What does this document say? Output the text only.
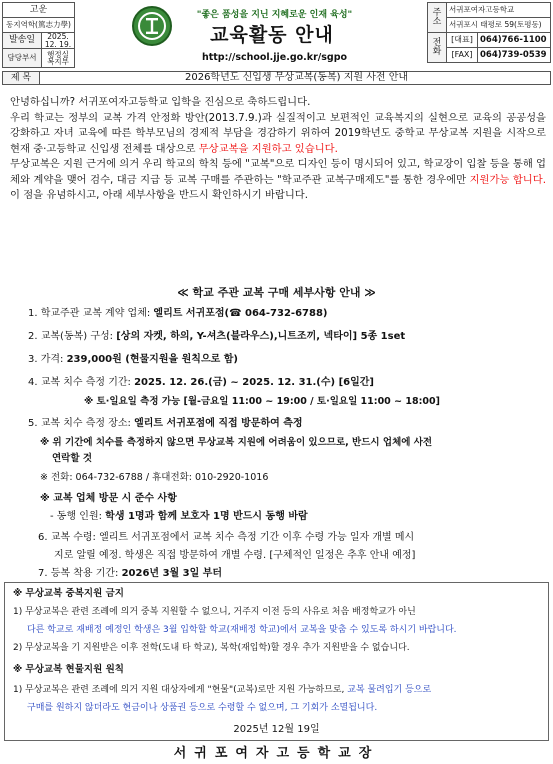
고운	
동지역학(篤志力學)	
발송일	2025. 12. 19.
담당부서	행정실
복지부
"좋은 품성을 지닌 지혜로운 인재 육성"
교육활동 안내
http://school.jje.go.kr/sgpo
주소	서귀포여자고등학교	
	서귀포시 태평로 59(토평동)	
전화	[대표]	064)766-1100
	[FAX]	064)739-0539
제 목	2026학년도 신입생 무상교복(동복) 지원 사전 안내

안녕하십니까? 서귀포여자고등학교 입학을 진심으로 축하드립니다.

우리 학교는 정부의 교복 가격 안정화 방안(2013.7.9.)과 실질적이고 보편적인 교육복지의 실현으로 교육의 공공성을 강화하고 자녀 교육에 따른 학부모님의 경제적 부담을 경감하기 위하여 2019학년도 중학교 무상교복 지원을 시작으로 현재 중·고등학교 신입생 전체를 대상으로 무상교복을 지원하고 있습니다.

무상교복은 지원 근거에 의거 우리 학교의 학칙 등에 "교복"으로 디자인 등이 명시되어 있고, 학교장이 입찰 등을 통해 업체와 계약을 맺어 검수, 대금 지급 등 교복 구매를 주관하는 "학교주관 교복구매제도"를 통한 경우에만 지원가능 합니다. 이 점을 유념하시고, 아래 세부사항을 반드시 확인하시기 바랍니다.

≪ 학교 주관 교복 구매 세부사항 안내 ≫
1. 학교주관 교복 계약 업체: 엘리트 서귀포점(☎ 064-732-6788)
2. 교복(동복) 구성: [상의 자켓, 하의, Y-셔츠(블라우스),니트조끼, 넥타이] 5종 1set
3. 가격: 239,000원 (현물지원을 원칙으로 함)
4. 교복 치수 측정 기간: 2025. 12. 26.(금) ~ 2025. 12. 31.(수) [6일간]
※ 토·일요일 측정 가능 [월-금요일 11:00 ~ 19:00 / 토·일요일 11:00 ~ 18:00]
5. 교복 치수 측정 장소: 엘리트 서귀포점에 직접 방문하여 측정
※ 위 기간에 치수를 측정하지 않으면 무상교복 지원에 어려움이 있으므로, 반드시 업체에 사전
연락할 것
※ 전화: 064-732-6788 / 휴대전화: 010-2920-1016
※ 교복 업체 방문 시 준수 사항
- 동행 인원: 학생 1명과 함께 보호자 1명 반드시 동행 바람
6. 교복 수령: 엘리트 서귀포점에서 교복 치수 측정 기간 이후 수령 가능 일자 개별 메시
지로 알릴 예정. 학생은 직접 방문하여 개별 수령. [구체적인 일정은 추후 안내 예정]
7. 등복 착용 기간: 2026년 3월 3일 부터
※ 무상교복 중복지원 금지
1) 무상교복은 관련 조례에 의거 중복 지원할 수 없으니, 거주지 이전 등의 사유로 처음 배정학교가 아닌
다른 학교로 재배정 예정인 학생은 3월 입학할 학교(재배정 학교)에서 교복을 맞춤 수 있도록 하시기 바랍니다.
2) 무상교복을 기 지원받은 이후 전학(도내 타 학교), 복학(재입학)할 경우 추가 지원받을 수 없습니다.
※ 무상교복 현물지원 원칙
1) 무상교복은 관련 조례에 의거 지원 대상자에게 "현물"(교복)로만 지원 가능하므로, 교복 물려입기 등으로
구매를 원하지 않더라도 현금이나 상품권 등으로 수령할 수 없으며, 그 기회가 소멸됩니다.
2025년 12월 19일
서귀포여자고등학교장
